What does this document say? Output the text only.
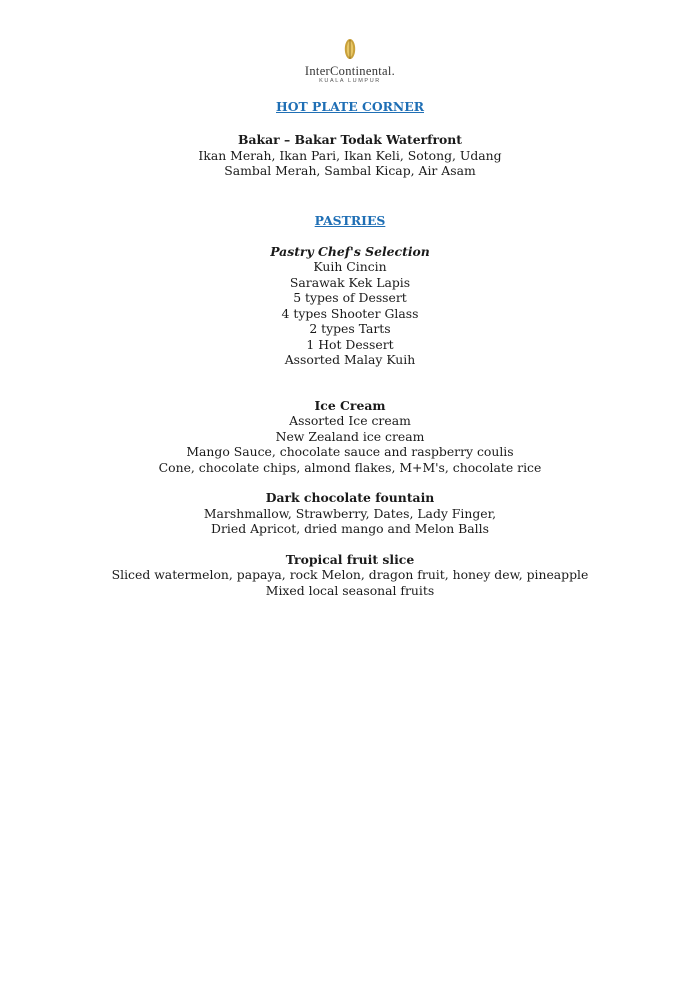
InterContinental.
KUALA LUMPUR
HOT PLATE CORNER
Bakar – Bakar Todak Waterfront
Ikan Merah, Ikan Pari, Ikan Keli, Sotong, Udang
Sambal Merah, Sambal Kicap, Air Asam
PASTRIES
Pastry Chef's Selection
Kuih Cincin
Sarawak Kek Lapis
5 types of Dessert
4 types Shooter Glass
2 types Tarts
1 Hot Dessert
Assorted Malay Kuih
Ice Cream
Assorted Ice cream
New Zealand ice cream
Mango Sauce, chocolate sauce and raspberry coulis
Cone, chocolate chips, almond flakes, M+M's, chocolate rice
Dark chocolate fountain
Marshmallow, Strawberry, Dates, Lady Finger,
Dried Apricot, dried mango and Melon Balls
Tropical fruit slice
Sliced watermelon, papaya, rock Melon, dragon fruit, honey dew, pineapple
Mixed local seasonal fruits
